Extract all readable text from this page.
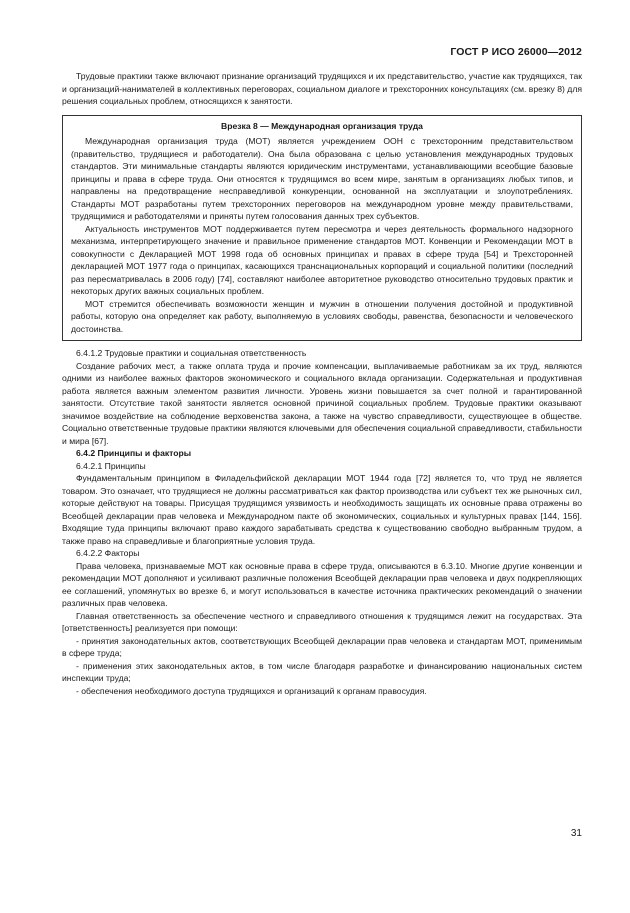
ГОСТ Р ИСО 26000—2012

Трудовые практики также включают признание организаций трудящихся и их представительство, участие как трудящихся, так и организаций-нанимателей в коллективных переговорах, социальном диалоге и трехсторонних консультациях (см. врезку 8) для решения социальных проблем, относящихся к занятости.

Врезка 8 — Международная организация труда

Международная организация труда (МОТ) является учреждением ООН с трехсторонним представительством (правительство, трудящиеся и работодатели). Она была образована с целью установления международных трудовых стандартов. Эти минимальные стандарты являются юридическим инструментами, устанавливающими всеобщие базовые принципы и права в сфере труда. Они относятся к трудящимся во всем мире, занятым в организациях любых типов, и направлены на предотвращение несправедливой конкуренции, основанной на эксплуатации и злоупотреблениях. Стандарты МОТ разработаны путем трехсторонних переговоров на международном уровне между правительствами, трудящимися и работодателями и приняты путем голосования данных трех субъектов.

Актуальность инструментов МОТ поддерживается путем пересмотра и через деятельность формального надзорного механизма, интерпретирующего значение и правильное применение стандартов МОТ. Конвенции и Рекомендации МОТ в совокупности с Декларацией МОТ 1998 года об основных принципах и правах в сфере труда [54] и Трехсторонней декларацией МОТ 1977 года о принципах, касающихся транснациональных корпораций и социальной политики (последний раз пересматривалась в 2006 году) [74], составляют наиболее авторитетное руководство относительно трудовых практик и некоторых других важных социальных проблем.

МОТ стремится обеспечивать возможности женщин и мужчин в отношении получения достойной и продуктивной работы, которую она определяет как работу, выполняемую в условиях свободы, равенства, безопасности и человеческого достоинства.

6.4.1.2 Трудовые практики и социальная ответственность

Создание рабочих мест, а также оплата труда и прочие компенсации, выплачиваемые работникам за их труд, являются одними из наиболее важных факторов экономического и социального вклада организации. Содержательная и продуктивная работа является важным элементом развития личности. Уровень жизни повышается за счет полной и гарантированной занятости. Отсутствие такой занятости является основной причиной социальных проблем. Трудовые практики оказывают значимое воздействие на соблюдение верховенства закона, а также на чувство справедливости, существующее в обществе. Социально ответственные трудовые практики являются ключевыми для обеспечения социальной справедливости, стабильности и мира [67].

6.4.2 Принципы и факторы

6.4.2.1 Принципы

Фундаментальным принципом в Филадельфийской декларации МОТ 1944 года [72] является то, что труд не является товаром. Это означает, что трудящиеся не должны рассматриваться как фактор производства или субъект тех же рыночных сил, которые действуют на товары. Присущая трудящимся уязвимость и необходимость защищать их основные права отражены во Всеобщей декларации прав человека и Международном пакте об экономических, социальных и культурных правах [144, 156]. Входящие туда принципы включают право каждого зарабатывать средства к существованию свободно выбранным трудом, а также право на справедливые и благоприятные условия труда.

6.4.2.2 Факторы

Права человека, признаваемые МОТ как основные права в сфере труда, описываются в 6.3.10. Многие другие конвенции и рекомендации МОТ дополняют и усиливают различные положения Всеобщей декларации прав человека и двух подкрепляющих ее соглашений, упомянутых во врезке 6, и могут использоваться в качестве источника практических рекомендаций о значении различных прав человека.

Главная ответственность за обеспечение честного и справедливого отношения к трудящимся лежит на государствах. Эта [ответственность] реализуется при помощи:

- принятия законодательных актов, соответствующих Всеобщей декларации прав человека и стандартам МОТ, применимым в сфере труда;

- применения этих законодательных актов, в том числе благодаря разработке и финансированию национальных систем инспекции труда;

- обеспечения необходимого доступа трудящихся и организаций к органам правосудия.

31
